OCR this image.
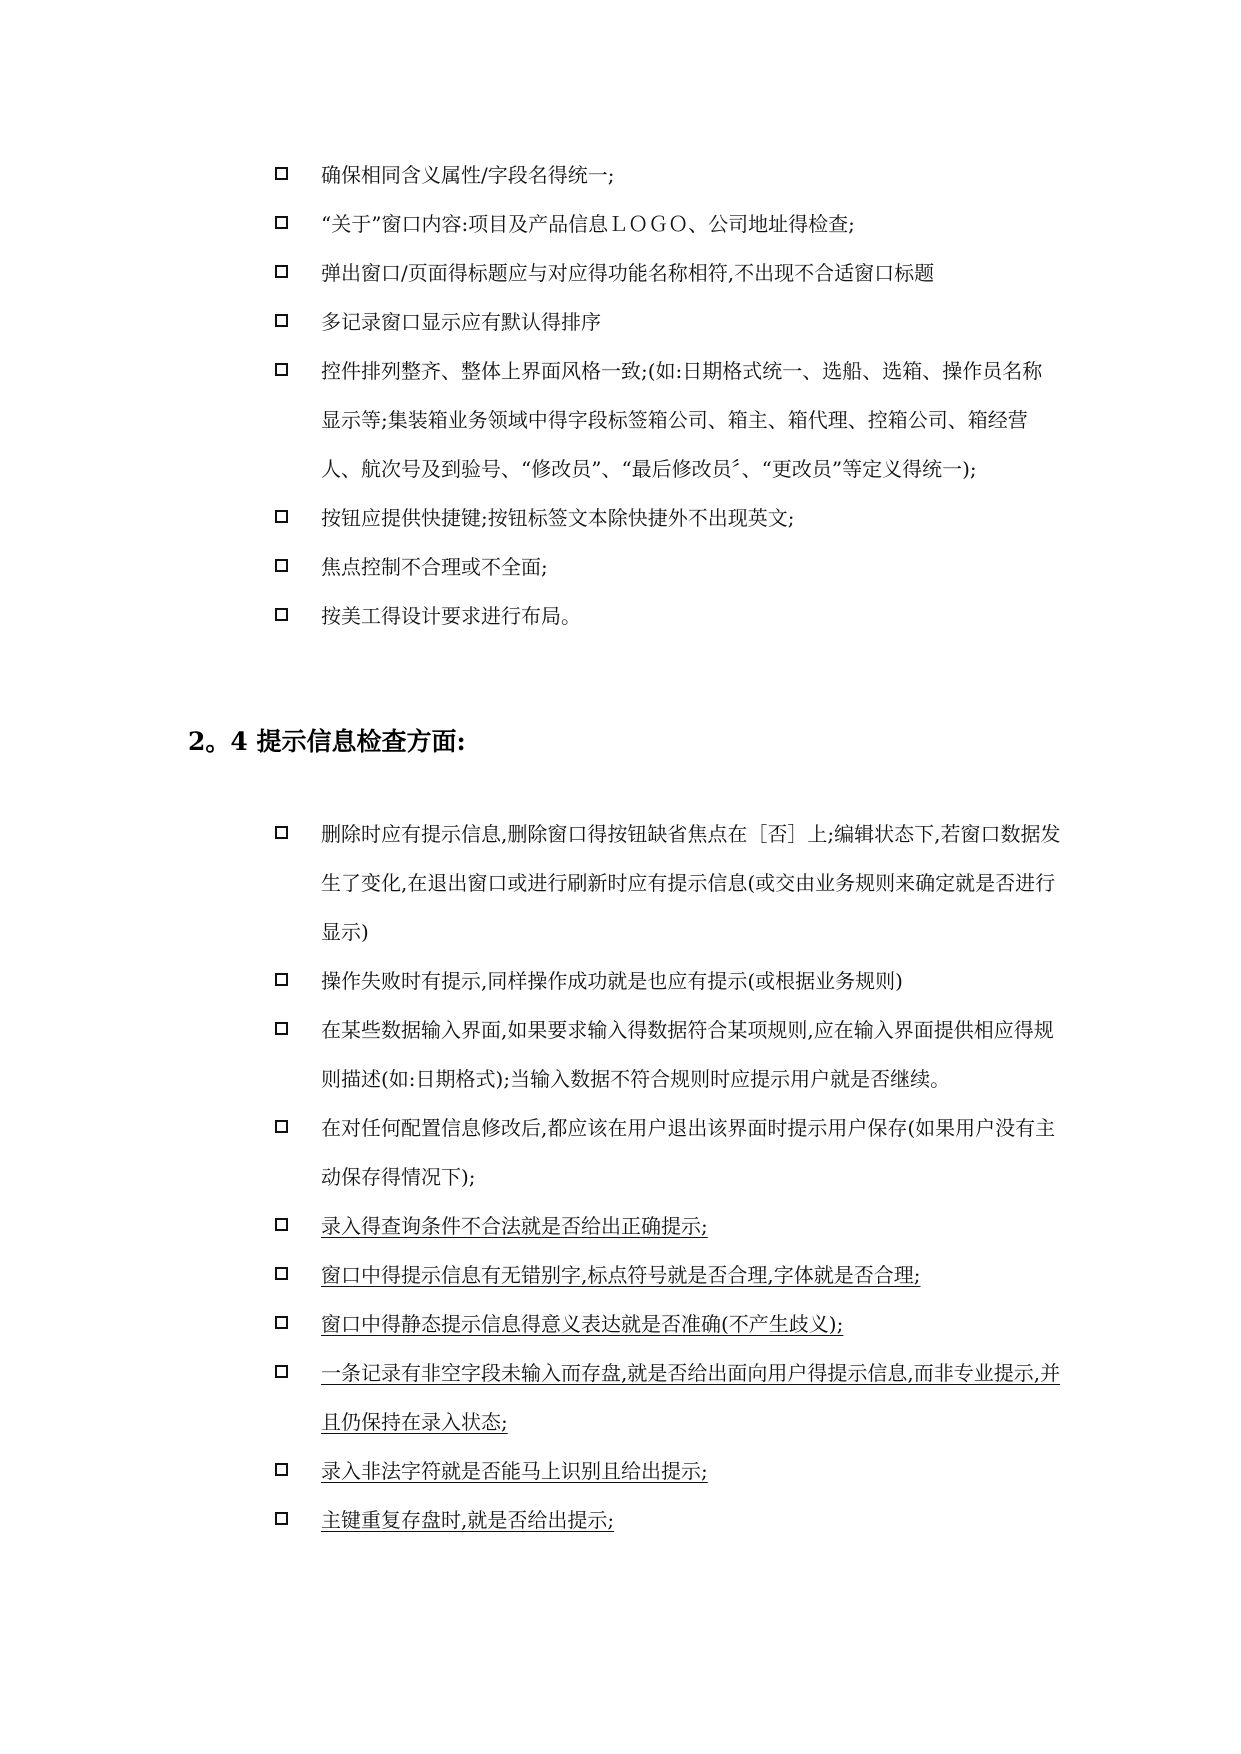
确保相同含义属性/字段名得统一;
“关于”窗口内容:项目及产品信息ＬＯＧＯ、公司地址得检查;
弹出窗口/页面得标题应与对应得功能名称相符,不出现不合适窗口标题
多记录窗口显示应有默认得排序
控件排列整齐、整体上界面风格一致;(如:日期格式统一、选船、选箱、操作员名称显示等;集装箱业务领域中得字段标签箱公司、箱主、箱代理、控箱公司、箱经营人、航次号及到验号、“修改员”、“最后修改员〞、“更改员”等定义得统一);
按钮应提供快捷键;按钮标签文本除快捷外不出现英文;
焦点控制不合理或不全面;
按美工得设计要求进行布局。
2。4 提示信息检查方面:
删除时应有提示信息,删除窗口得按钮缺省焦点在［否］上;编辑状态下,若窗口数据发生了变化,在退出窗口或进行刷新时应有提示信息(或交由业务规则来确定就是否进行显示)
操作失败时有提示,同样操作成功就是也应有提示(或根据业务规则)
在某些数据输入界面,如果要求输入得数据符合某项规则,应在输入界面提供相应得规则描述(如:日期格式);当输入数据不符合规则时应提示用户就是否继续。
在对任何配置信息修改后,都应该在用户退出该界面时提示用户保存(如果用户没有主动保存得情况下);
录入得查询条件不合法就是否给出正确提示;
窗口中得提示信息有无错别字,标点符号就是否合理,字体就是否合理;
窗口中得静态提示信息得意义表达就是否准确(不产生歧义);
一条记录有非空字段未输入而存盘,就是否给出面向用户得提示信息,而非专业提示,并且仍保持在录入状态;
录入非法字符就是否能马上识别且给出提示;
主键重复存盘时,就是否给出提示;
